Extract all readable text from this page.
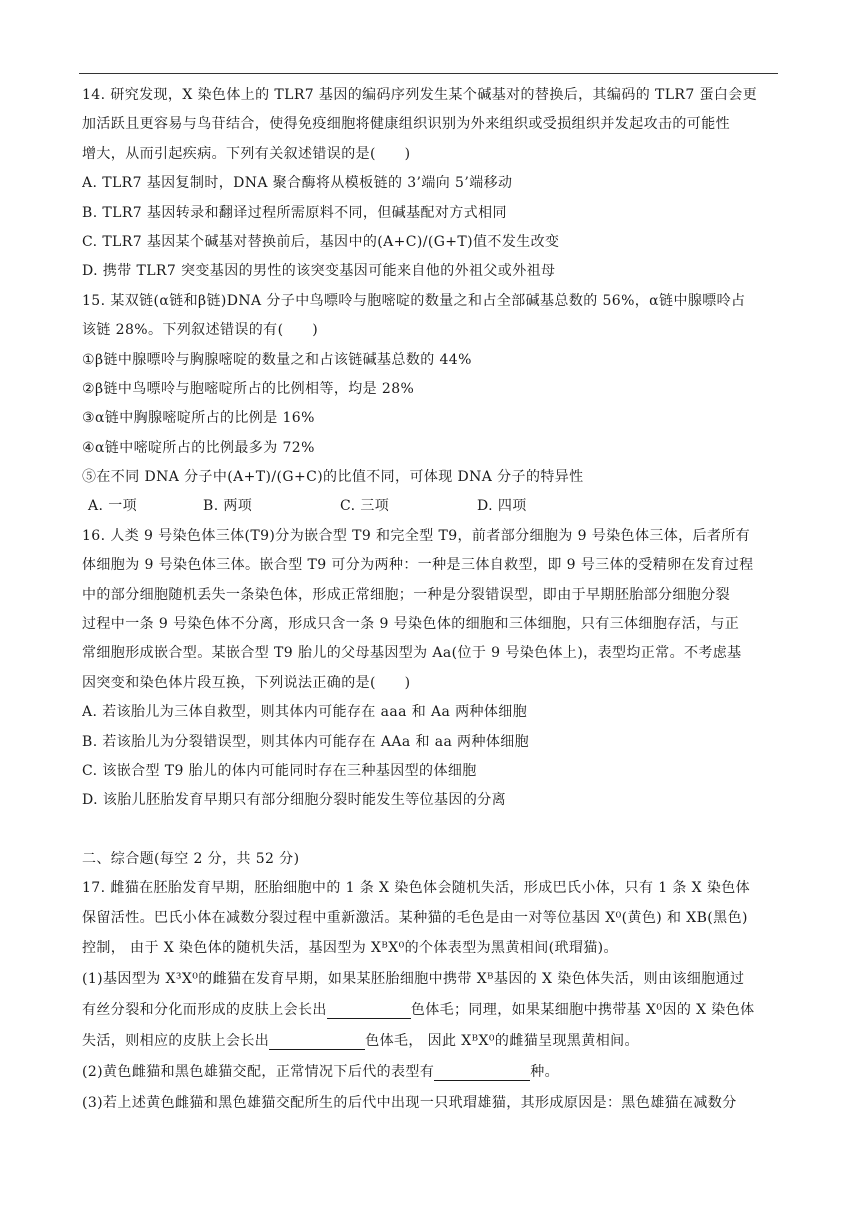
14. 研究发现，X 染色体上的 TLR7 基因的编码序列发生某个碱基对的替换后，其编码的 TLR7 蛋白会更
加活跃且更容易与鸟苷结合，使得免疫细胞将健康组织识别为外来组织或受损组织并发起攻击的可能性
增大，从而引起疾病。下列有关叙述错误的是(　　)
A. TLR7 基因复制时，DNA 聚合酶将从模板链的 3’端向 5’端移动
B. TLR7 基因转录和翻译过程所需原料不同，但碱基配对方式相同
C. TLR7 基因某个碱基对替换前后，基因中的(A+C)/(G+T)值不发生改变
D. 携带 TLR7 突变基因的男性的该突变基因可能来自他的外祖父或外祖母
15. 某双链(α链和β链)DNA 分子中鸟嘌呤与胞嘧啶的数量之和占全部碱基总数的 56%，α链中腺嘌呤占
该链 28%。下列叙述错误的有(　　)
①β链中腺嘌呤与胸腺嘧啶的数量之和占该链碱基总数的 44%
②β链中鸟嘌呤与胞嘧啶所占的比例相等，均是 28%
③α链中胸腺嘧啶所占的比例是 16%
④α链中嘧啶所占的比例最多为 72%
⑤在不同 DNA 分子中(A+T)/(G+C)的比值不同，可体现 DNA 分子的特异性
A. 一项	B. 两项	C. 三项	D. 四项
16. 人类 9 号染色体三体(T9)分为嵌合型 T9 和完全型 T9，前者部分细胞为 9 号染色体三体，后者所有
体细胞为 9 号染色体三体。嵌合型 T9 可分为两种：一种是三体自救型，即 9 号三体的受精卵在发育过程
中的部分细胞随机丢失一条染色体，形成正常细胞；一种是分裂错误型，即由于早期胚胎部分细胞分裂
过程中一条 9 号染色体不分离，形成只含一条 9 号染色体的细胞和三体细胞，只有三体细胞存活，与正
常细胞形成嵌合型。某嵌合型 T9 胎儿的父母基因型为 Aa(位于 9 号染色体上)，表型均正常。不考虑基
因突变和染色体片段互换，下列说法正确的是(　　)
A. 若该胎儿为三体自救型，则其体内可能存在 aaa 和 Aa 两种体细胞
B. 若该胎儿为分裂错误型，则其体内可能存在 AAa 和 aa 两种体细胞
C. 该嵌合型 T9 胎儿的体内可能同时存在三种基因型的体细胞
D. 该胎儿胚胎发育早期只有部分细胞分裂时能发生等位基因的分离
二、综合题(每空 2 分，共 52 分)
17. 雌猫在胚胎发育早期，胚胎细胞中的 1 条 X 染色体会随机失活，形成巴氏小体，只有 1 条 X 染色体
保留活性。巴氏小体在减数分裂过程中重新激活。某种猫的毛色是由一对等位基因 X⁰(黄色) 和 XB(黑色)
控制， 由于 X 染色体的随机失活，基因型为 XᴮX⁰的个体表型为黑黄相间(玳瑁猫)。
(1)基因型为 X³X⁰的雌猫在发育早期，如果某胚胎细胞中携带 Xᴮ基因的 X 染色体失活，则由该细胞通过
有丝分裂和分化而形成的皮肤上会长出	色体毛；同理，如果某细胞中携带基 X⁰因的 X 染色体
失活，则相应的皮肤上会长出	色体毛， 因此 XᴮX⁰的雌猫呈现黑黄相间。
(2)黄色雌猫和黑色雄猫交配，正常情况下后代的表型有	种。
(3)若上述黄色雌猫和黑色雄猫交配所生的后代中出现一只玳瑁雄猫，其形成原因是：黑色雄猫在减数分
